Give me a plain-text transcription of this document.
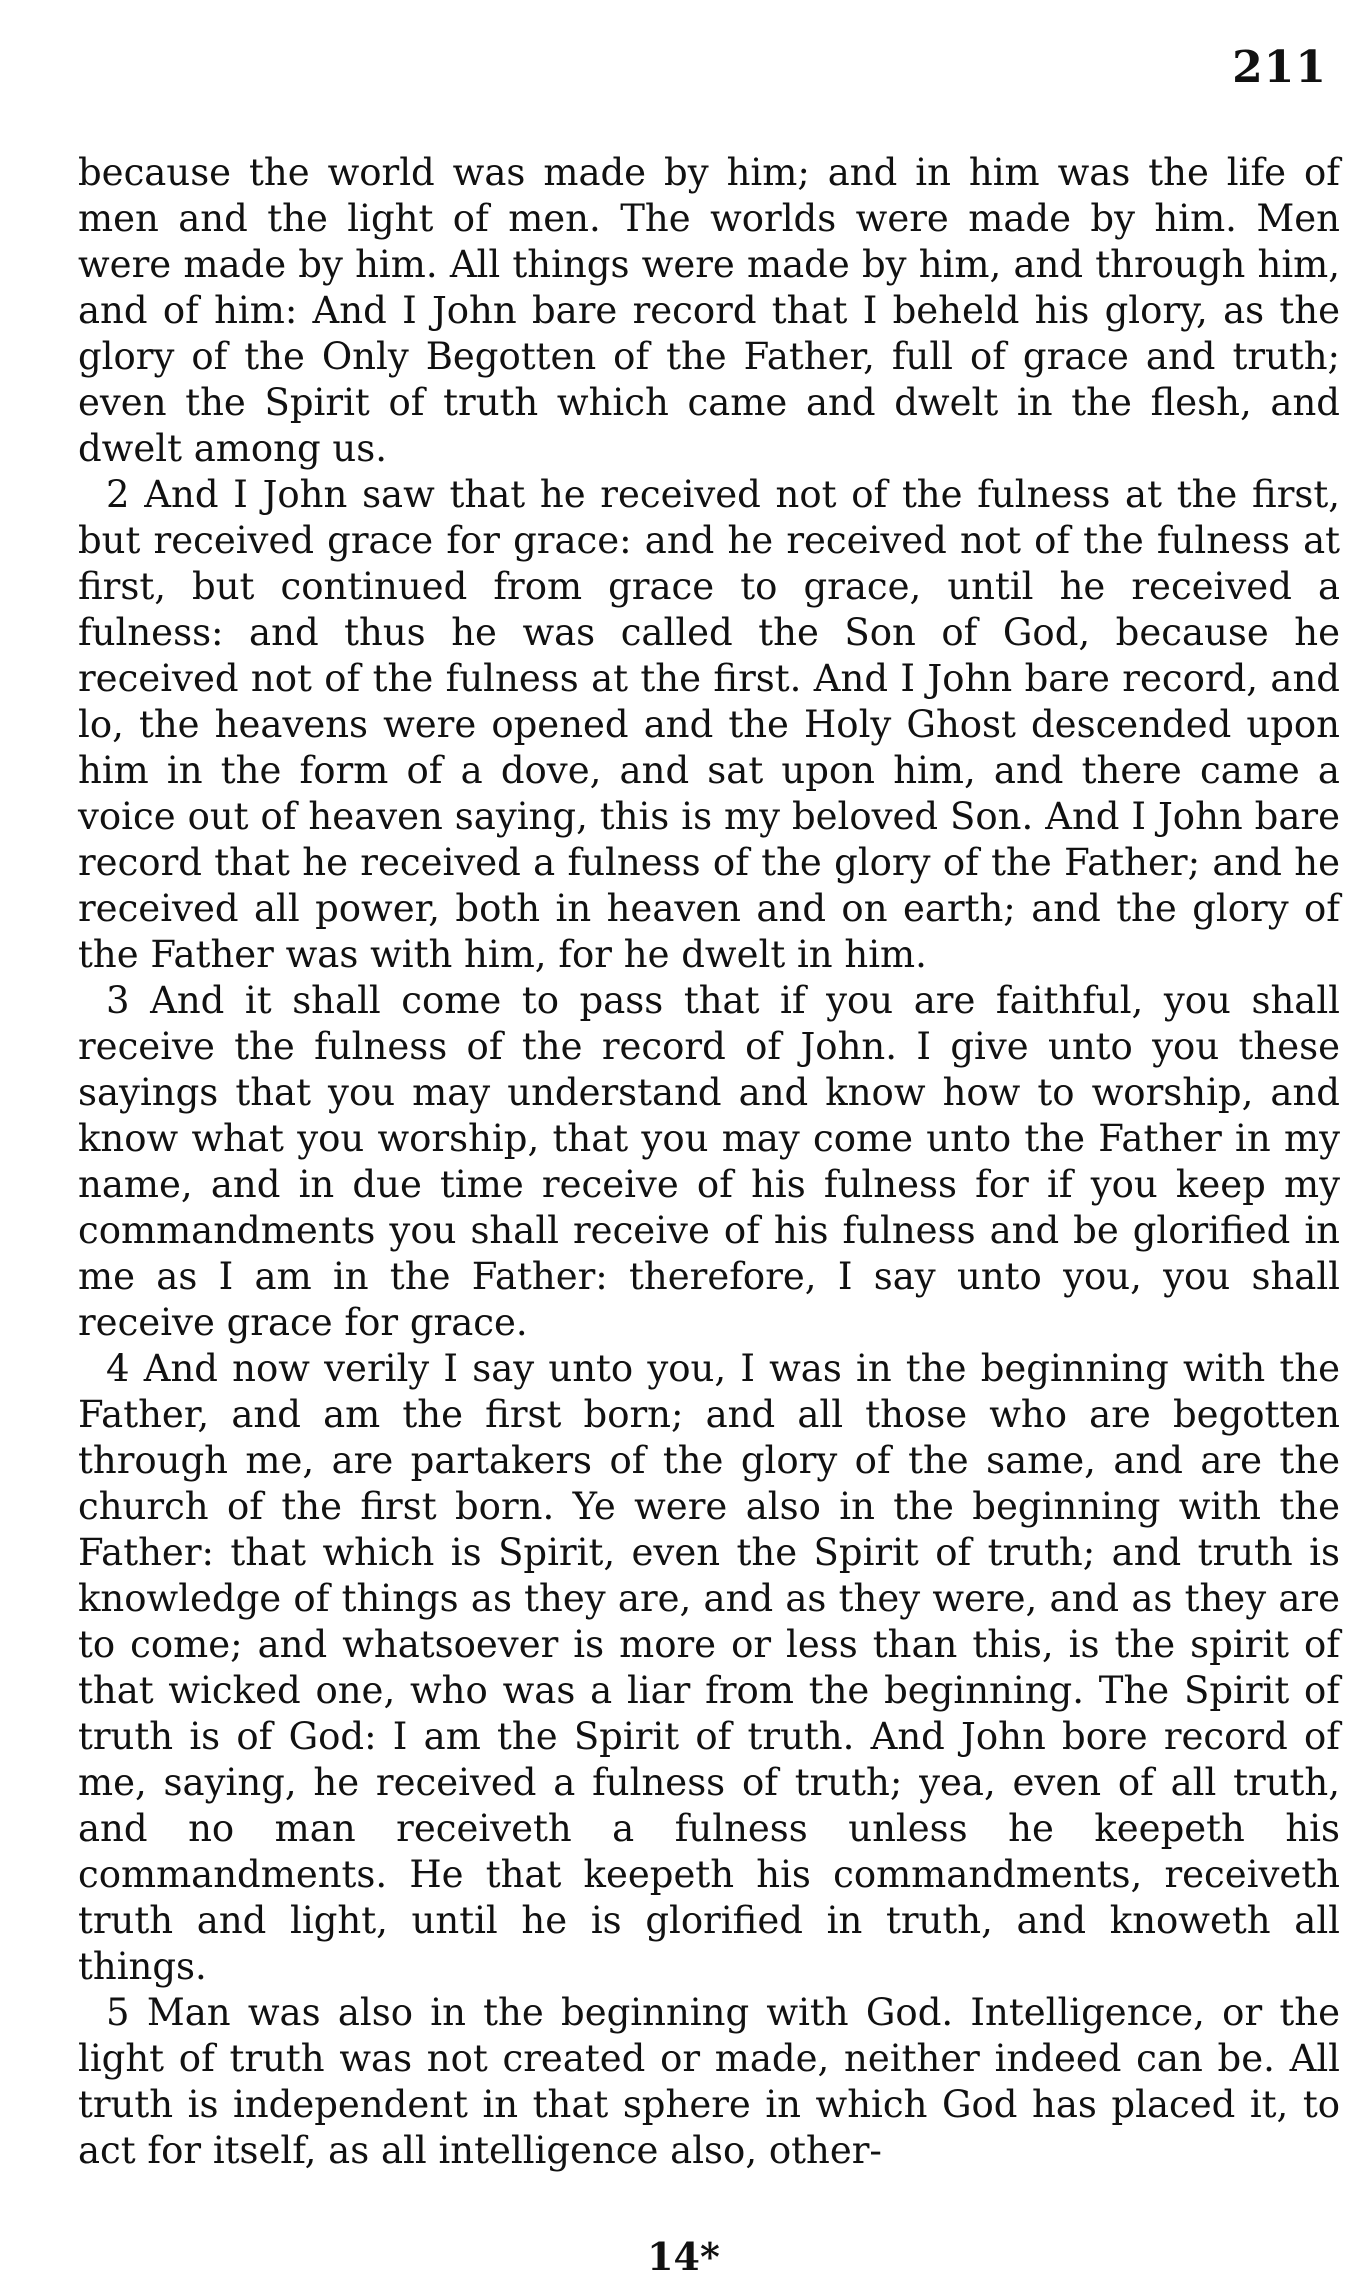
211

because the world was made by him; and in him was the life of men and the light of men. The worlds were made by him. Men were made by him. All things were made by him, and through him, and of him: And I John bare record that I beheld his glory, as the glory of the Only Begotten of the Father, full of grace and truth; even the Spirit of truth which came and dwelt in the flesh, and dwelt among us.

2 And I John saw that he received not of the fulness at the first, but received grace for grace: and he received not of the fulness at first, but continued from grace to grace, until he received a fulness: and thus he was called the Son of God, because he received not of the fulness at the first. And I John bare record, and lo, the heavens were opened and the Holy Ghost descended upon him in the form of a dove, and sat upon him, and there came a voice out of heaven saying, this is my beloved Son. And I John bare record that he received a fulness of the glory of the Father; and he received all power, both in heaven and on earth; and the glory of the Father was with him, for he dwelt in him.

3 And it shall come to pass that if you are faithful, you shall receive the fulness of the record of John. I give unto you these sayings that you may understand and know how to worship, and know what you worship, that you may come unto the Father in my name, and in due time receive of his fulness for if you keep my commandments you shall receive of his fulness and be glorified in me as I am in the Father: therefore, I say unto you, you shall receive grace for grace.

4 And now verily I say unto you, I was in the beginning with the Father, and am the first born; and all those who are begotten through me, are partakers of the glory of the same, and are the church of the first born. Ye were also in the beginning with the Father: that which is Spirit, even the Spirit of truth; and truth is knowledge of things as they are, and as they were, and as they are to come; and whatsoever is more or less than this, is the spirit of that wicked one, who was a liar from the beginning. The Spirit of truth is of God: I am the Spirit of truth. And John bore record of me, saying, he received a fulness of truth; yea, even of all truth, and no man receiveth a fulness unless he keepeth his commandments. He that keepeth his commandments, receiveth truth and light, until he is glorified in truth, and knoweth all things.

5 Man was also in the beginning with God. Intelligence, or the light of truth was not created or made, neither indeed can be. All truth is independent in that sphere in which God has placed it, to act for itself, as all intelligence also, other-

14*
